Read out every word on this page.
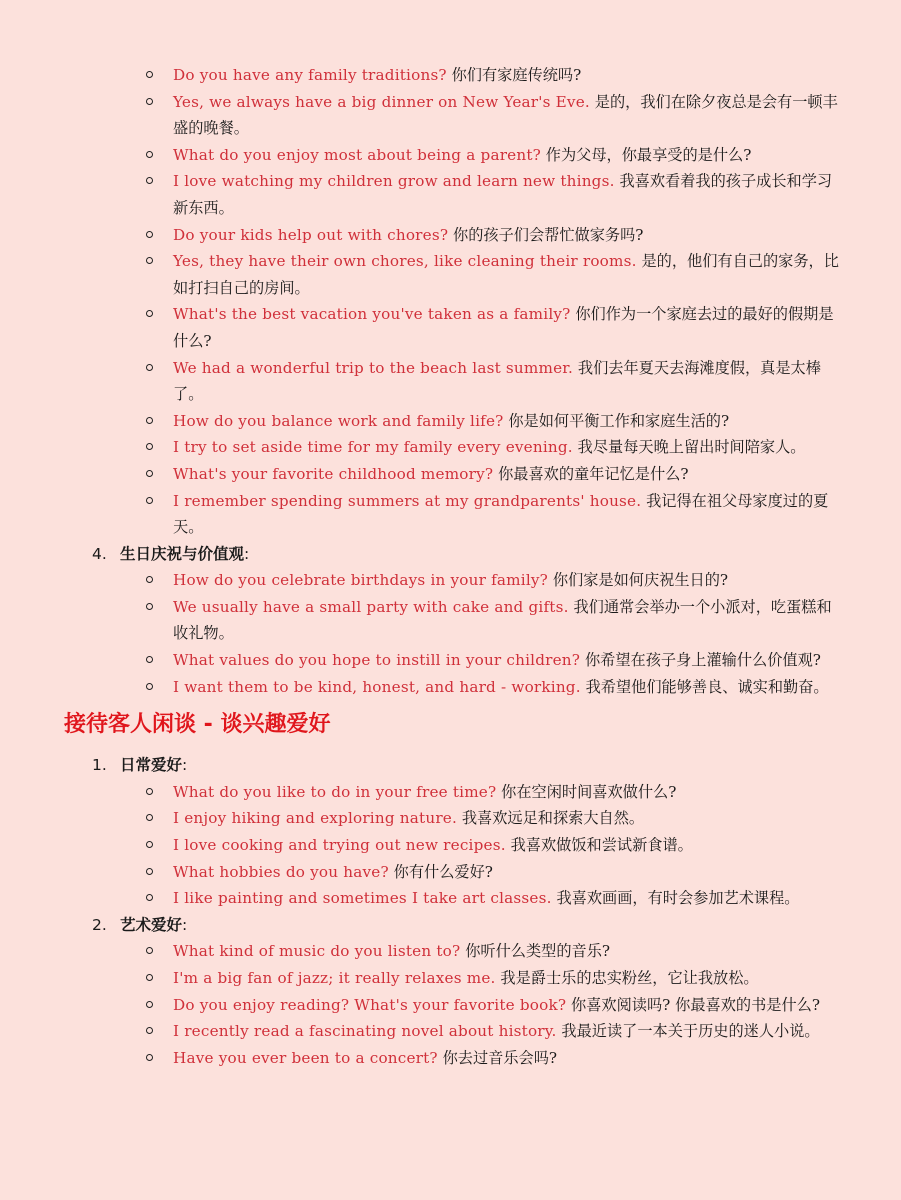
Do you have any family traditions? 你们有家庭传统吗?
Yes, we always have a big dinner on New Year's Eve. 是的，我们在除夕夜总是会有一顿丰盛的晚餐。
What do you enjoy most about being a parent? 作为父母，你最享受的是什么?
I love watching my children grow and learn new things. 我喜欢看着我的孩子成长和学习新东西。
Do your kids help out with chores? 你的孩子们会帮忙做家务吗?
Yes, they have their own chores, like cleaning their rooms. 是的，他们有自己的家务，比如打扫自己的房间。
What's the best vacation you've taken as a family? 你们作为一个家庭去过的最好的假期是什么?
We had a wonderful trip to the beach last summer. 我们去年夏天去海滩度假，真是太棒了。
How do you balance work and family life? 你是如何平衡工作和家庭生活的?
I try to set aside time for my family every evening. 我尽量每天晚上留出时间陪家人。
What's your favorite childhood memory? 你最喜欢的童年记忆是什么?
I remember spending summers at my grandparents' house. 我记得在祖父母家度过的夏天。
4. 生日庆祝与价值观:
How do you celebrate birthdays in your family? 你们家是如何庆祝生日的?
We usually have a small party with cake and gifts. 我们通常会举办一个小派对，吃蛋糕和收礼物。
What values do you hope to instill in your children? 你希望在孩子身上灌输什么价值观?
I want them to be kind, honest, and hard - working. 我希望他们能够善良、诚实和勤奋。
接待客人闲谈 - 谈兴趣爱好
1. 日常爱好:
What do you like to do in your free time? 你在空闲时间喜欢做什么?
I enjoy hiking and exploring nature. 我喜欢远足和探索大自然。
I love cooking and trying out new recipes. 我喜欢做饭和尝试新食谱。
What hobbies do you have? 你有什么爱好?
I like painting and sometimes I take art classes. 我喜欢画画，有时会参加艺术课程。
2. 艺术爱好:
What kind of music do you listen to? 你听什么类型的音乐?
I'm a big fan of jazz; it really relaxes me. 我是爵士乐的忠实粉丝，它让我放松。
Do you enjoy reading? What's your favorite book? 你喜欢阅读吗? 你最喜欢的书是什么?
I recently read a fascinating novel about history. 我最近读了一本关于历史的迷人小说。
Have you ever been to a concert? 你去过音乐会吗?
